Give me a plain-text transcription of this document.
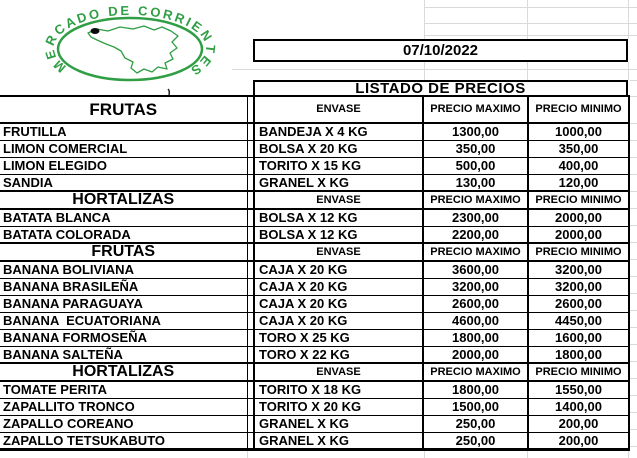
MERCADO DE CORRIENTES
07/10/2022
LISTADO DE PRECIOS
FRUTAS		ENVASE	PRECIO MAXIMO	PRECIO MINIMO
FRUTILLA		BANDEJA X 4 KG	1300,00	1000,00
LIMON COMERCIAL		BOLSA X 20 KG	350,00	350,00
LIMON ELEGIDO		TORITO X 15 KG	500,00	400,00
SANDIA		GRANEL X KG	130,00	120,00
HORTALIZAS		ENVASE	PRECIO MAXIMO	PRECIO MINIMO
BATATA BLANCA		BOLSA X 12 KG	2300,00	2000,00
BATATA COLORADA		BOLSA X 12 KG	2200,00	2000,00
FRUTAS		ENVASE	PRECIO MAXIMO	PRECIO MINIMO
BANANA BOLIVIANA		CAJA X 20 KG	3600,00	3200,00
BANANA BRASILEÑA		CAJA X 20 KG	3200,00	3200,00
BANANA PARAGUAYA		CAJA X 20 KG	2600,00	2600,00
BANANA  ECUATORIANA		CAJA X 20 KG	4600,00	4450,00
BANANA FORMOSEÑA		TORO X 25 KG	1800,00	1600,00
BANANA SALTEÑA		TORO X 22 KG	2000,00	1800,00
HORTALIZAS		ENVASE	PRECIO MAXIMO	PRECIO MINIMO
TOMATE PERITA		TORITO X 18 KG	1800,00	1550,00
ZAPALLITO TRONCO		TORITO X 20 KG	1500,00	1400,00
ZAPALLO COREANO		GRANEL X KG	250,00	200,00
ZAPALLO TETSUKABUTO		GRANEL X KG	250,00	200,00
